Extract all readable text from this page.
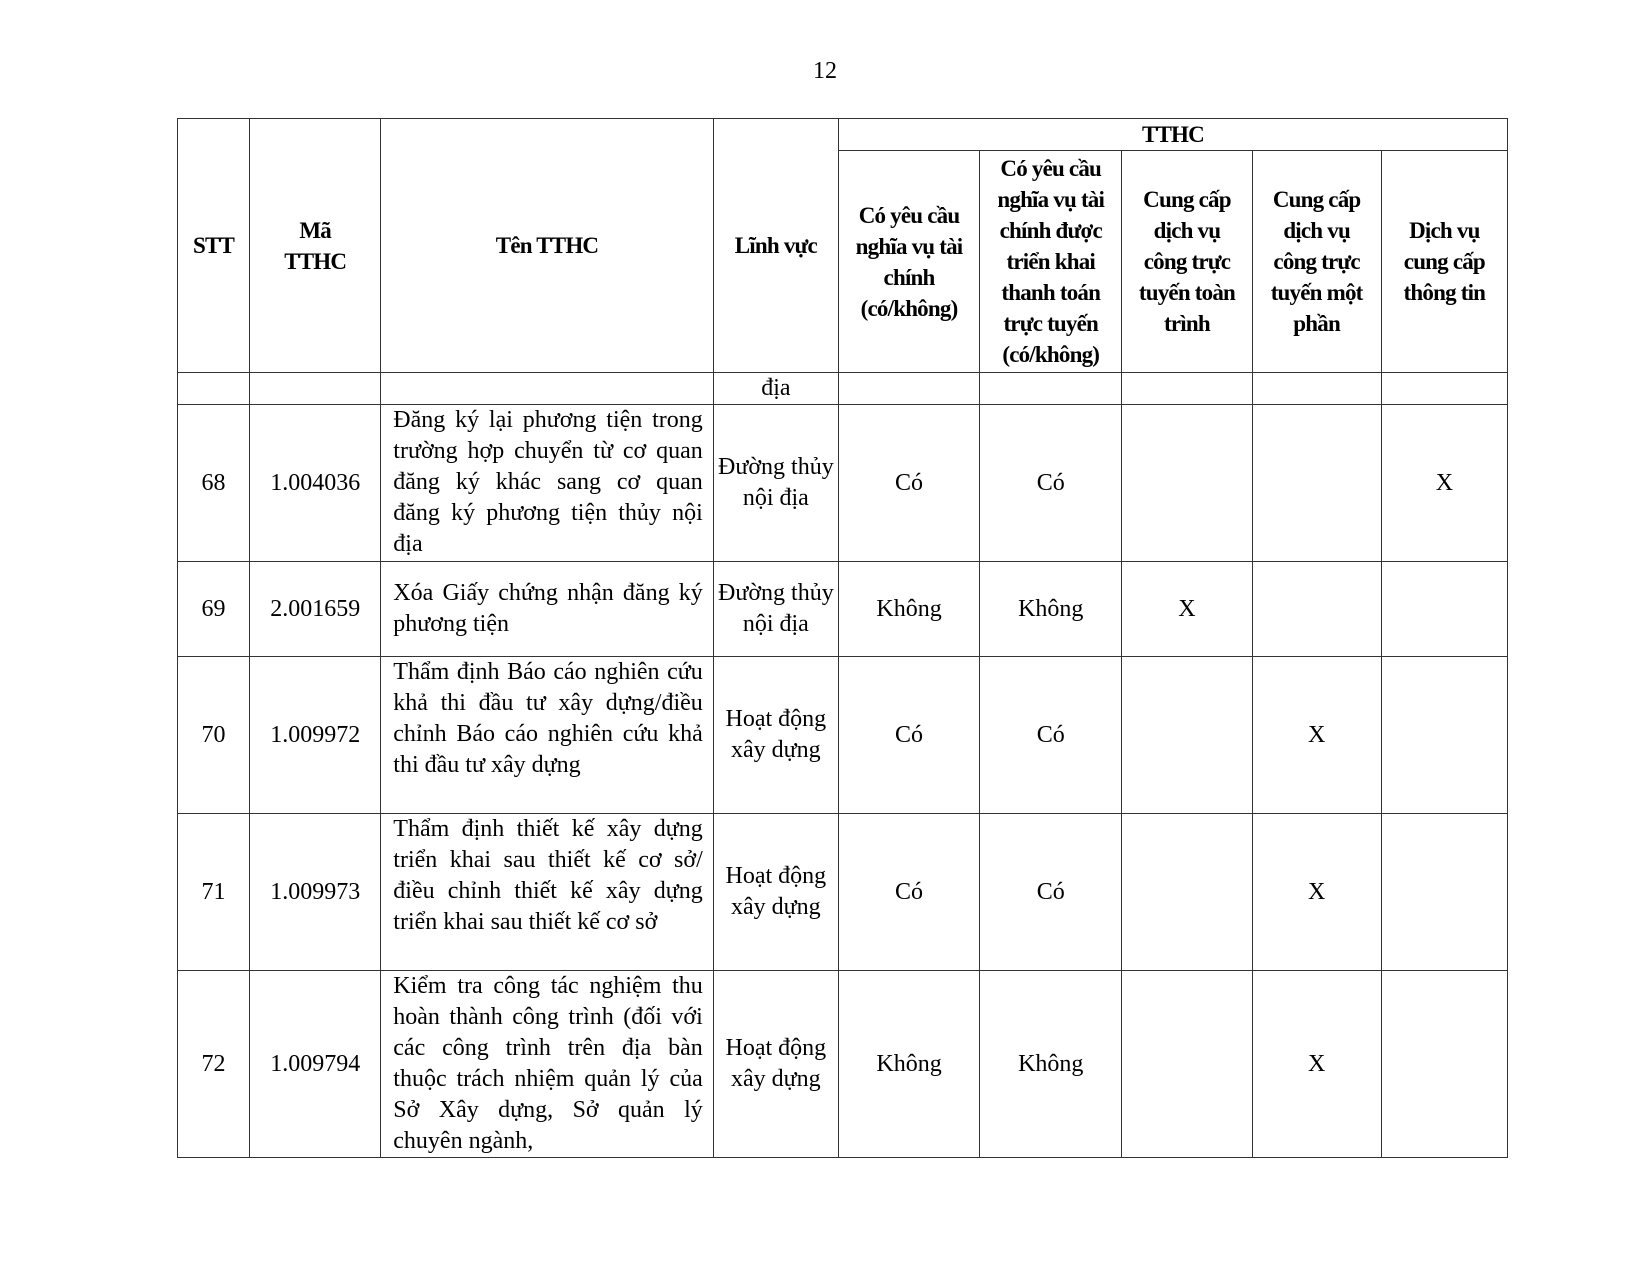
12
STT	Mã TTHC	Tên TTHC	Lĩnh vực	TTHC				
				Có yêu cầu nghĩa vụ tài chính (có/không)	Có yêu cầu nghĩa vụ tài chính được triển khai thanh toán trực tuyến (có/không)	Cung cấp dịch vụ công trực tuyến toàn trình	Cung cấp dịch vụ công trực tuyến một phần	Dịch vụ cung cấp thông tin
			địa					
68	1.004036	Đăng ký lại phương tiện trong trường hợp chuyển từ cơ quan đăng ký khác sang cơ quan đăng ký phương tiện thủy nội địa	Đường thủy nội địa	Có	Có			X
69	2.001659	Xóa Giấy chứng nhận đăng ký phương tiện	Đường thủy nội địa	Không	Không	X		
70	1.009972	Thẩm định Báo cáo nghiên cứu khả thi đầu tư xây dựng/điều chỉnh Báo cáo nghiên cứu khả thi đầu tư xây dựng	Hoạt động xây dựng	Có	Có		X	
71	1.009973	Thẩm định thiết kế xây dựng triển khai sau thiết kế cơ sở/điều chỉnh thiết kế xây dựng triển khai sau thiết kế cơ sở	Hoạt động xây dựng	Có	Có		X	
72	1.009794	Kiểm tra công tác nghiệm thu hoàn thành công trình (đối với các công trình trên địa bàn thuộc trách nhiệm quản lý của Sở Xây dựng, Sở quản lý chuyên ngành,	Hoạt động xây dựng	Không	Không		X	
